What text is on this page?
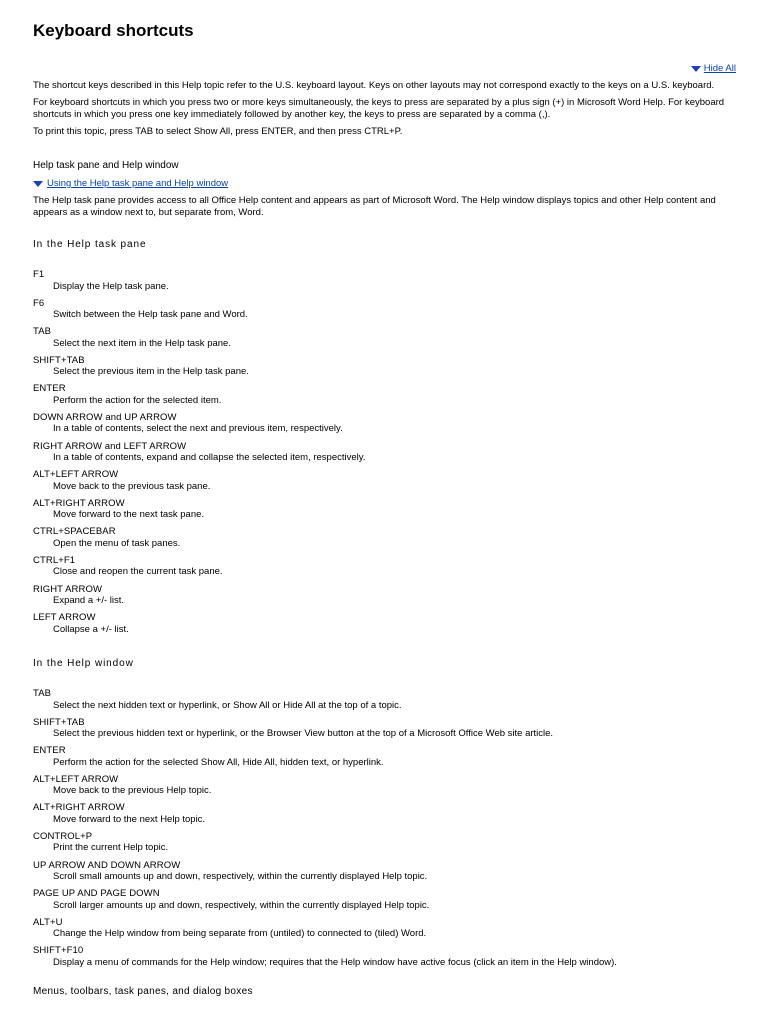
Keyboard shortcuts
Hide All

The shortcut keys described in this Help topic refer to the U.S. keyboard layout. Keys on other layouts may not correspond exactly to the keys on a U.S. keyboard.

For keyboard shortcuts in which you press two or more keys simultaneously, the keys to press are separated by a plus sign (+) in Microsoft Word Help. For keyboard shortcuts in which you press one key immediately followed by another key, the keys to press are separated by a comma (,).

To print this topic, press TAB to select Show All, press ENTER, and then press CTRL+P.

Help task pane and Help window
Using the Help task pane and Help window
The Help task pane provides access to all Office Help content and appears as part of Microsoft Word. The Help window displays topics and other Help content and appears as a window next to, but separate from, Word.
In the Help task pane
F1
Display the Help task pane.
F6
Switch between the Help task pane and Word.
TAB
Select the next item in the Help task pane.
SHIFT+TAB
Select the previous item in the Help task pane.
ENTER
Perform the action for the selected item.
DOWN ARROW and UP ARROW
In a table of contents, select the next and previous item, respectively.
RIGHT ARROW and LEFT ARROW
In a table of contents, expand and collapse the selected item, respectively.
ALT+LEFT ARROW
Move back to the previous task pane.
ALT+RIGHT ARROW
Move forward to the next task pane.
CTRL+SPACEBAR
Open the menu of task panes.
CTRL+F1
Close and reopen the current task pane.
RIGHT ARROW
Expand a +/- list.
LEFT ARROW
Collapse a +/- list.
In the Help window
TAB
Select the next hidden text or hyperlink, or Show All or Hide All at the top of a topic.
SHIFT+TAB
Select the previous hidden text or hyperlink, or the Browser View button at the top of a Microsoft Office Web site article.
ENTER
Perform the action for the selected Show All, Hide All, hidden text, or hyperlink.
ALT+LEFT ARROW
Move back to the previous Help topic.
ALT+RIGHT ARROW
Move forward to the next Help topic.
CONTROL+P
Print the current Help topic.
UP ARROW AND DOWN ARROW
Scroll small amounts up and down, respectively, within the currently displayed Help topic.
PAGE UP AND PAGE DOWN
Scroll larger amounts up and down, respectively, within the currently displayed Help topic.
ALT+U
Change the Help window from being separate from (untiled) to connected to (tiled) Word.
SHIFT+F10
Display a menu of commands for the Help window; requires that the Help window have active focus (click an item in the Help window).
Menus, toolbars, task panes, and dialog boxes
